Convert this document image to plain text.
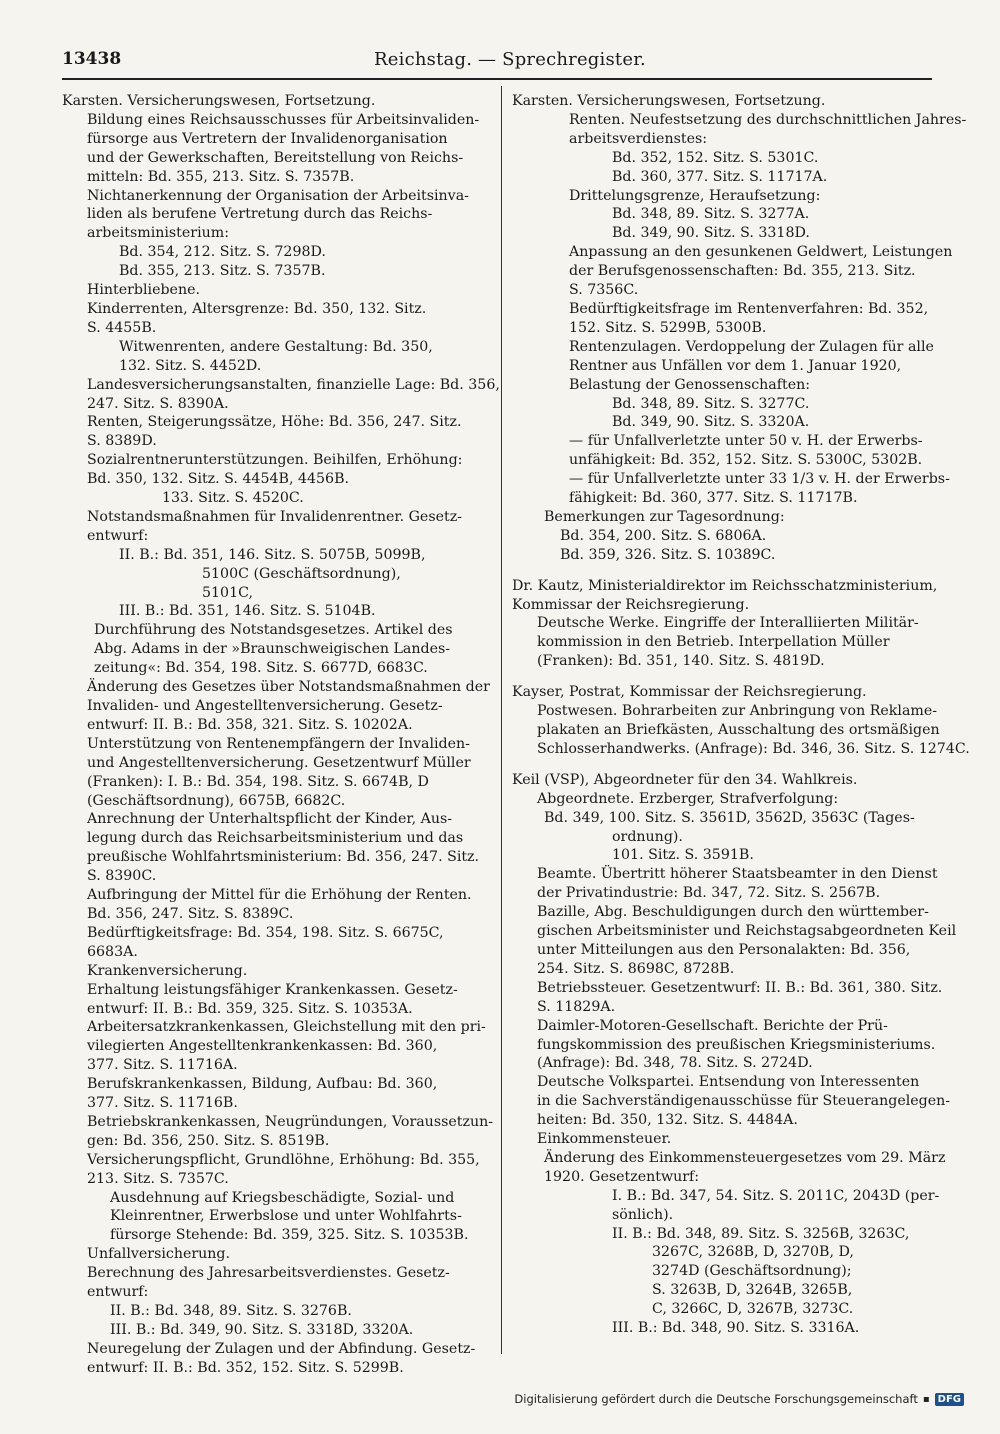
13438	Reichstag. — Sprechregister.
Karsten. Versicherungswesen, Fortsetzung.
Bildung eines Reichsausschusses für Arbeitsinvaliden-
fürsorge aus Vertretern der Invalidenorganisation
und der Gewerkschaften, Bereitstellung von Reichs-
mitteln: Bd. 355, 213. Sitz. S. 7357B.
Nichtanerkennung der Organisation der Arbeitsinva-
liden als berufene Vertretung durch das Reichs-
arbeitsministerium:
Bd. 354, 212. Sitz. S. 7298D.
Bd. 355, 213. Sitz. S. 7357B.
Hinterbliebene.
Kinderrenten, Altersgrenze: Bd. 350, 132. Sitz.
S. 4455B.
Witwenrenten, andere Gestaltung: Bd. 350,
132. Sitz. S. 4452D.
Landesversicherungsanstalten, finanzielle Lage: Bd. 356,
247. Sitz. S. 8390A.
Renten, Steigerungssätze, Höhe: Bd. 356, 247. Sitz.
S. 8389D.
Sozialrentnerunterstützungen. Beihilfen, Erhöhung:
Bd. 350, 132. Sitz. S. 4454B, 4456B.
133. Sitz. S. 4520C.
Notstandsmaßnahmen für Invalidenrentner. Gesetz-
entwurf:
II. B.: Bd. 351, 146. Sitz. S. 5075B, 5099B,
5100C (Geschäftsordnung),
5101C,
III. B.: Bd. 351, 146. Sitz. S. 5104B.
Durchführung des Notstandsgesetzes. Artikel des
Abg. Adams in der »Braunschweigischen Landes-
zeitung«: Bd. 354, 198. Sitz. S. 6677D, 6683C.
Änderung des Gesetzes über Notstandsmaßnahmen der
Invaliden- und Angestelltenversicherung. Gesetz-
entwurf: II. B.: Bd. 358, 321. Sitz. S. 10202A.
Unterstützung von Rentenempfängern der Invaliden-
und Angestelltenversicherung. Gesetzentwurf Müller
(Franken): I. B.: Bd. 354, 198. Sitz. S. 6674B, D
(Geschäftsordnung), 6675B, 6682C.
Anrechnung der Unterhaltspflicht der Kinder, Aus-
legung durch das Reichsarbeitsministerium und das
preußische Wohlfahrtsministerium: Bd. 356, 247. Sitz.
S. 8390C.
Aufbringung der Mittel für die Erhöhung der Renten.
Bd. 356, 247. Sitz. S. 8389C.
Bedürftigkeitsfrage: Bd. 354, 198. Sitz. S. 6675C,
6683A.
Krankenversicherung.
Erhaltung leistungsfähiger Krankenkassen. Gesetz-
entwurf: II. B.: Bd. 359, 325. Sitz. S. 10353A.
Arbeitersatzkrankenkassen, Gleichstellung mit den pri-
vilegierten Angestelltenkrankenkassen: Bd. 360,
377. Sitz. S. 11716A.
Berufskrankenkassen, Bildung, Aufbau: Bd. 360,
377. Sitz. S. 11716B.
Betriebskrankenkassen, Neugründungen, Voraussetzun-
gen: Bd. 356, 250. Sitz. S. 8519B.
Versicherungspflicht, Grundlöhne, Erhöhung: Bd. 355,
213. Sitz. S. 7357C.
Ausdehnung auf Kriegsbeschädigte, Sozial- und
Kleinrentner, Erwerbslose und unter Wohlfahrts-
fürsorge Stehende: Bd. 359, 325. Sitz. S. 10353B.
Unfallversicherung.
Berechnung des Jahresarbeitsverdienstes. Gesetz-
entwurf:
II. B.: Bd. 348, 89. Sitz. S. 3276B.
III. B.: Bd. 349, 90. Sitz. S. 3318D, 3320A.
Neuregelung der Zulagen und der Abfindung. Gesetz-
entwurf: II. B.: Bd. 352, 152. Sitz. S. 5299B.
Karsten. Versicherungswesen, Fortsetzung.
Renten. Neufestsetzung des durchschnittlichen Jahres-
arbeitsverdienstes:
Bd. 352, 152. Sitz. S. 5301C.
Bd. 360, 377. Sitz. S. 11717A.
Drittelungsgrenze, Heraufsetzung:
Bd. 348, 89. Sitz. S. 3277A.
Bd. 349, 90. Sitz. S. 3318D.
Anpassung an den gesunkenen Geldwert, Leistungen
der Berufsgenossenschaften: Bd. 355, 213. Sitz.
S. 7356C.
Bedürftigkeitsfrage im Rentenverfahren: Bd. 352,
152. Sitz. S. 5299B, 5300B.
Rentenzulagen. Verdoppelung der Zulagen für alle
Rentner aus Unfällen vor dem 1. Januar 1920,
Belastung der Genossenschaften:
Bd. 348, 89. Sitz. S. 3277C.
Bd. 349, 90. Sitz. S. 3320A.
— für Unfallverletzte unter 50 v. H. der Erwerbs-
unfähigkeit: Bd. 352, 152. Sitz. S. 5300C, 5302B.
— für Unfallverletzte unter 33 1/3 v. H. der Erwerbs-
fähigkeit: Bd. 360, 377. Sitz. S. 11717B.
Bemerkungen zur Tagesordnung:
Bd. 354, 200. Sitz. S. 6806A.
Bd. 359, 326. Sitz. S. 10389C.
Dr. Kautz, Ministerialdirektor im Reichsschatzministerium,
Kommissar der Reichsregierung.
Deutsche Werke. Eingriffe der Interalliierten Militär-
kommission in den Betrieb. Interpellation Müller
(Franken): Bd. 351, 140. Sitz. S. 4819D.
Kayser, Postrat, Kommissar der Reichsregierung.
Postwesen. Bohrarbeiten zur Anbringung von Reklame-
plakaten an Briefkästen, Ausschaltung des ortsmäßigen
Schlosserhandwerks. (Anfrage): Bd. 346, 36. Sitz. S. 1274C.
Keil (VSP), Abgeordneter für den 34. Wahlkreis.
Abgeordnete. Erzberger, Strafverfolgung:
Bd. 349, 100. Sitz. S. 3561D, 3562D, 3563C (Tages-
ordnung).
101. Sitz. S. 3591B.
Beamte. Übertritt höherer Staatsbeamter in den Dienst
der Privatindustrie: Bd. 347, 72. Sitz. S. 2567B.
Bazille, Abg. Beschuldigungen durch den württember-
gischen Arbeitsminister und Reichstagsabgeordneten Keil
unter Mitteilungen aus den Personalakten: Bd. 356,
254. Sitz. S. 8698C, 8728B.
Betriebssteuer. Gesetzentwurf: II. B.: Bd. 361, 380. Sitz.
S. 11829A.
Daimler-Motoren-Gesellschaft. Berichte der Prü-
fungskommission des preußischen Kriegsministeriums.
(Anfrage): Bd. 348, 78. Sitz. S. 2724D.
Deutsche Volkspartei. Entsendung von Interessenten
in die Sachverständigenausschüsse für Steuerangelegen-
heiten: Bd. 350, 132. Sitz. S. 4484A.
Einkommensteuer.
Änderung des Einkommensteuergesetzes vom 29. März
1920. Gesetzentwurf:
I. B.: Bd. 347, 54. Sitz. S. 2011C, 2043D (per-
sönlich).
II. B.: Bd. 348, 89. Sitz. S. 3256B, 3263C,
3267C, 3268B, D, 3270B, D,
3274D (Geschäftsordnung);
S. 3263B, D, 3264B, 3265B,
C, 3266C, D, 3267B, 3273C.
III. B.: Bd. 348, 90. Sitz. S. 3316A.
Digitalisierung gefördert durch die Deutsche Forschungsgemeinschaft ▪ DFG
